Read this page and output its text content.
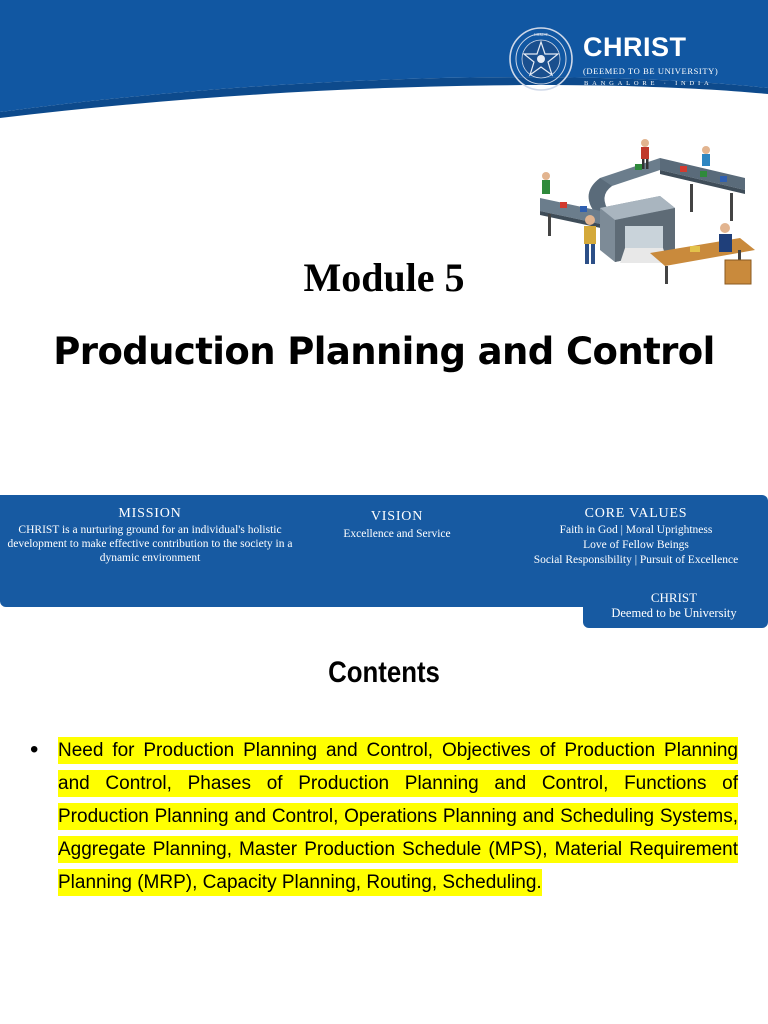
CHRIST CHRIST
(DEEMED TO BE UNIVERSITY)
BANGALORE · INDIA
Module 5
Production Planning and Control
MISSION
CHRIST is a nurturing ground for an individual's holistic development to make effective contribution to the society in a dynamic environment
VISION
Excellence and Service
CORE VALUES
Faith in God | Moral Uprightness
Love of Fellow Beings
Social Responsibility | Pursuit of Excellence
CHRIST
Deemed to be University
Contents
• Need for Production Planning and Control, Objectives of Production Planning and Control, Phases of Production Planning and Control, Functions of Production Planning and Control, Operations Planning and Scheduling Systems, Aggregate Planning, Master Production Schedule (MPS), Material Requirement Planning (MRP), Capacity Planning, Routing, Scheduling.
